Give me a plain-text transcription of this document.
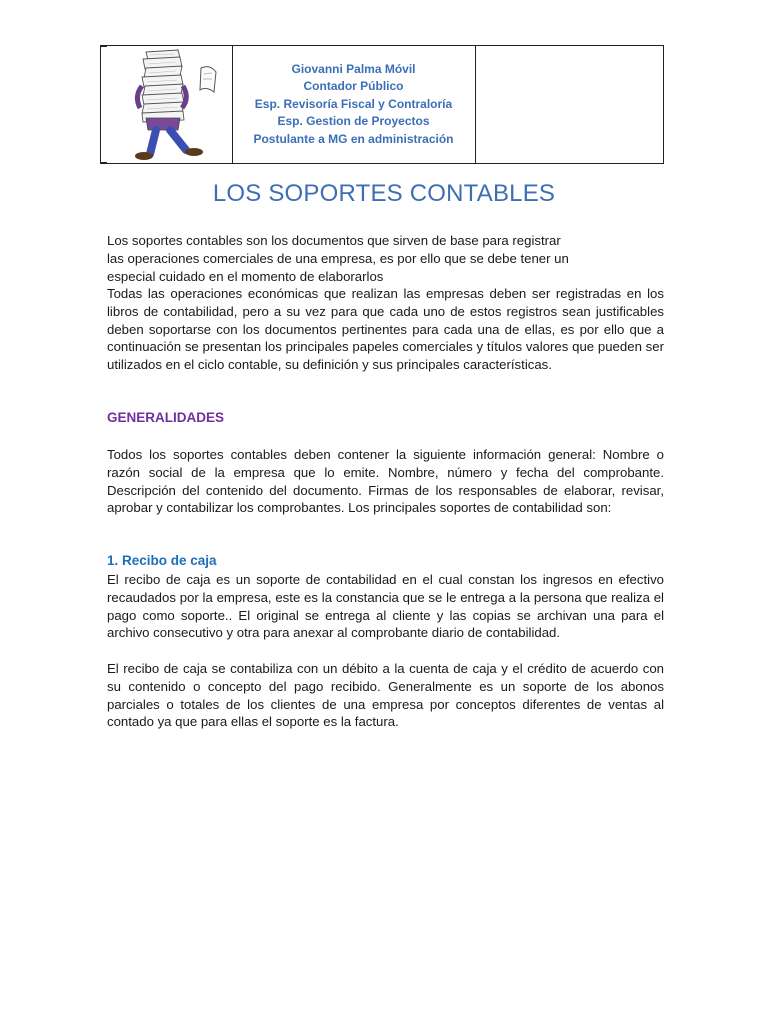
Giovanni Palma Móvil
Contador Público
Esp. Revisoría Fiscal y Contraloría
Esp. Gestion de Proyectos
Postulante a MG en administración
LOS SOPORTES CONTABLES
Los soportes contables son los documentos que sirven de base para registrar
las operaciones comerciales de una empresa, es por ello que se debe tener un
especial cuidado en el momento de elaborarlos

Todas las operaciones económicas que realizan las empresas deben ser registradas en los libros de contabilidad, pero a su vez para que cada uno de estos registros sean justificables deben soportarse con los documentos pertinentes para cada una de ellas, es por ello que a continuación se presentan los principales papeles comerciales y títulos valores que pueden ser utilizados en el ciclo contable, su definición y sus principales características.

GENERALIDADES

Todos los soportes contables deben contener la siguiente información general: Nombre o razón social de la empresa que lo emite. Nombre, número y fecha del comprobante. Descripción del contenido del documento. Firmas de los responsables de elaborar, revisar, aprobar y contabilizar los comprobantes. Los principales soportes de contabilidad son:

1. Recibo de caja

El recibo de caja es un soporte de contabilidad en el cual constan los ingresos en efectivo recaudados por la empresa, este es la constancia que se le entrega a la persona que realiza el pago como soporte.. El original se entrega al cliente y las copias se archivan una para el archivo consecutivo y otra para anexar al comprobante diario de contabilidad.

El recibo de caja se contabiliza con un débito a la cuenta de caja y el crédito de acuerdo con su contenido o concepto del pago recibido. Generalmente es un soporte de los abonos parciales o totales de los clientes de una empresa por conceptos diferentes de ventas al contado ya que para ellas el soporte es la factura.
